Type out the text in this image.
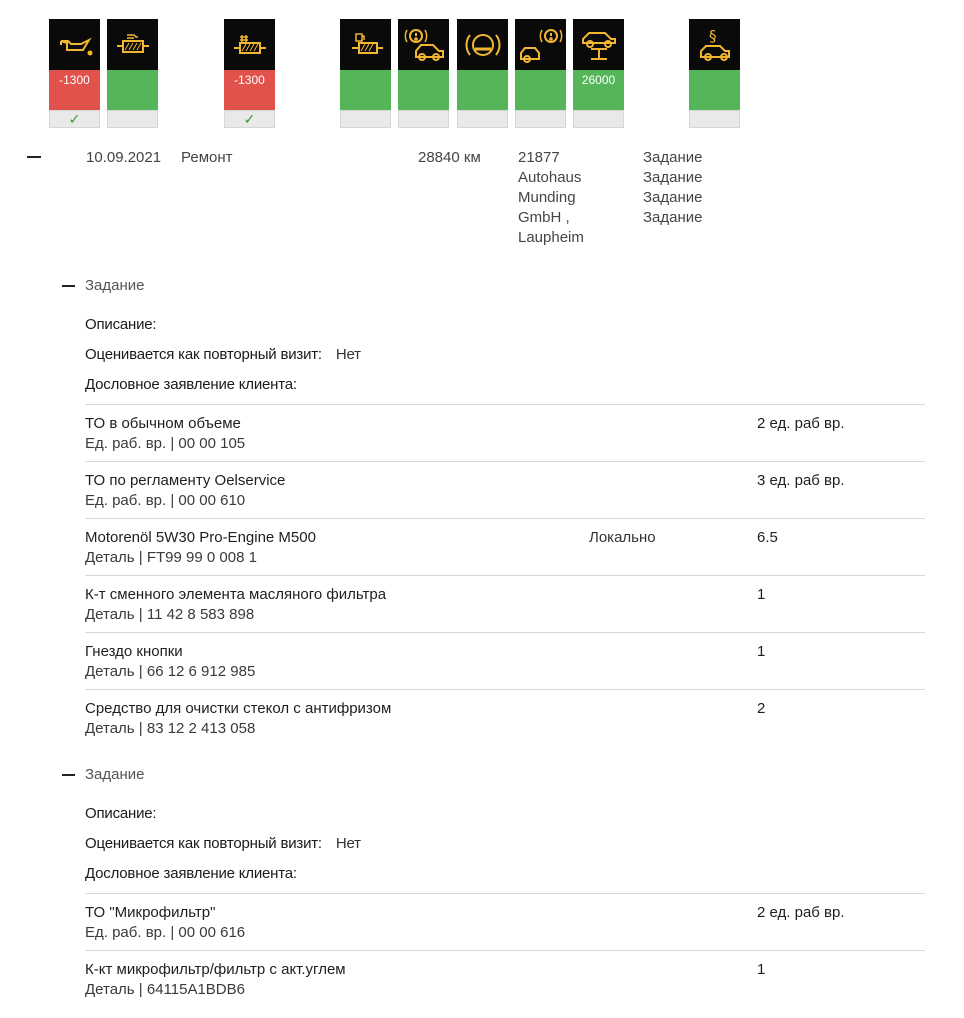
-1300
✓
-1300
✓
26000
§
10.09.2021 Ремонт	28840 км 21877
Autohaus
Munding
GmbH ,
Laupheim
Задание
Задание
Задание
Задание
Задание
Описание:
Оценивается как повторный визит: Нет
Дословное заявление клиента:
ТО в обычном объеме
Ед. раб. вр. | 00 00 105
2 ед. раб вр.
ТО по регламенту Oelservice
Ед. раб. вр. | 00 00 610
3 ед. раб вр.
Motorenöl 5W30 Pro-Engine M500
Деталь | FT99 99 0 008 1
Локально	6.5
К-т сменного элемента масляного фильтра
Деталь | 11 42 8 583 898
1
Гнездо кнопки
Деталь | 66 12 6 912 985
1
Средство для очистки стекол с антифризом
Деталь | 83 12 2 413 058
2
Задание
Описание:
Оценивается как повторный визит: Нет
Дословное заявление клиента:
ТО "Микрофильтр"
Ед. раб. вр. | 00 00 616
2 ед. раб вр.
К-кт микрофильтр/фильтр с акт.углем
Деталь | 64115A1BDB6
1
